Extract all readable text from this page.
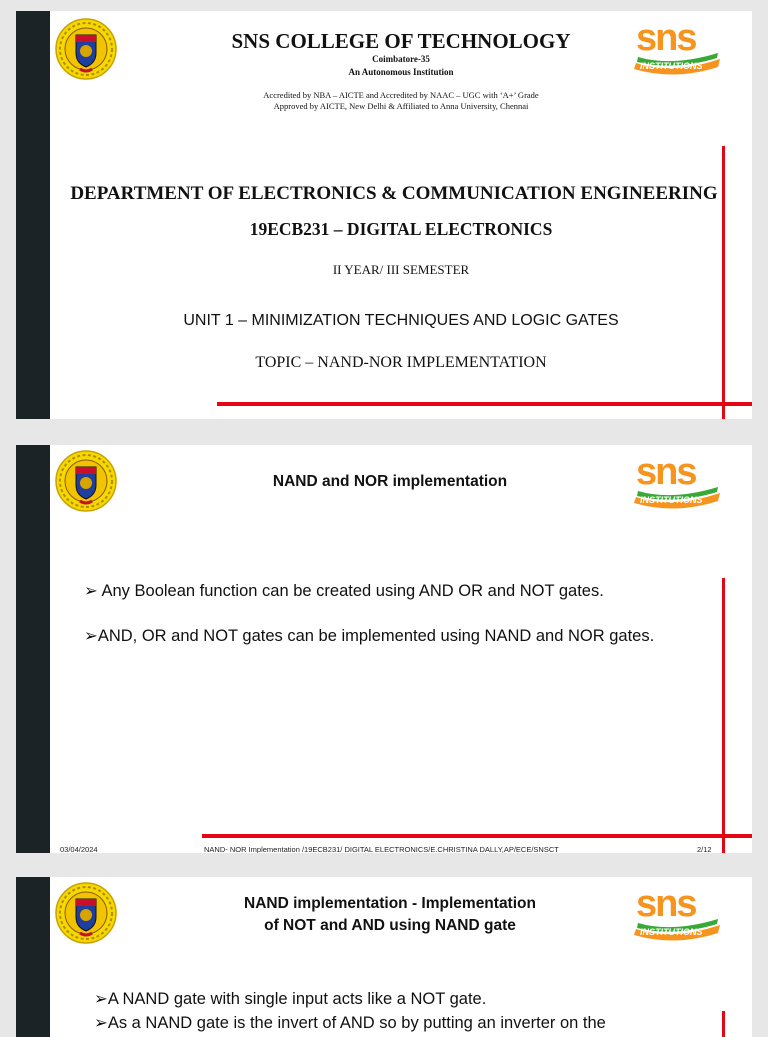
sns
INSTITUTIONS
SNS COLLEGE OF TECHNOLOGY
Coimbatore-35
An Autonomous Institution
Accredited by NBA – AICTE and Accredited by NAAC – UGC with ‘A+’ Grade
Approved by AICTE, New Delhi & Affiliated to Anna University, Chennai
DEPARTMENT OF ELECTRONICS & COMMUNICATION ENGINEERING
19ECB231 – DIGITAL ELECTRONICS
II YEAR/ III SEMESTER
UNIT 1 – MINIMIZATION TECHNIQUES AND LOGIC GATES
TOPIC – NAND-NOR IMPLEMENTATION
sns
INSTITUTIONS
NAND and NOR implementation
➢ Any Boolean function can be created using AND OR and NOT gates.
➢AND, OR and NOT gates can be implemented using NAND and NOR gates.
03/04/2024	NAND- NOR Implementation /19ECB231/ DIGITAL ELECTRONICS/E.CHRISTINA DALLY,AP/ECE/SNSCT	2/12
sns
INSTITUTIONS
NAND implementation - Implementation
of NOT and AND using NAND gate
➢A NAND gate with single input acts like a NOT gate.
➢As a NAND gate is the invert of AND so by putting an inverter on the
